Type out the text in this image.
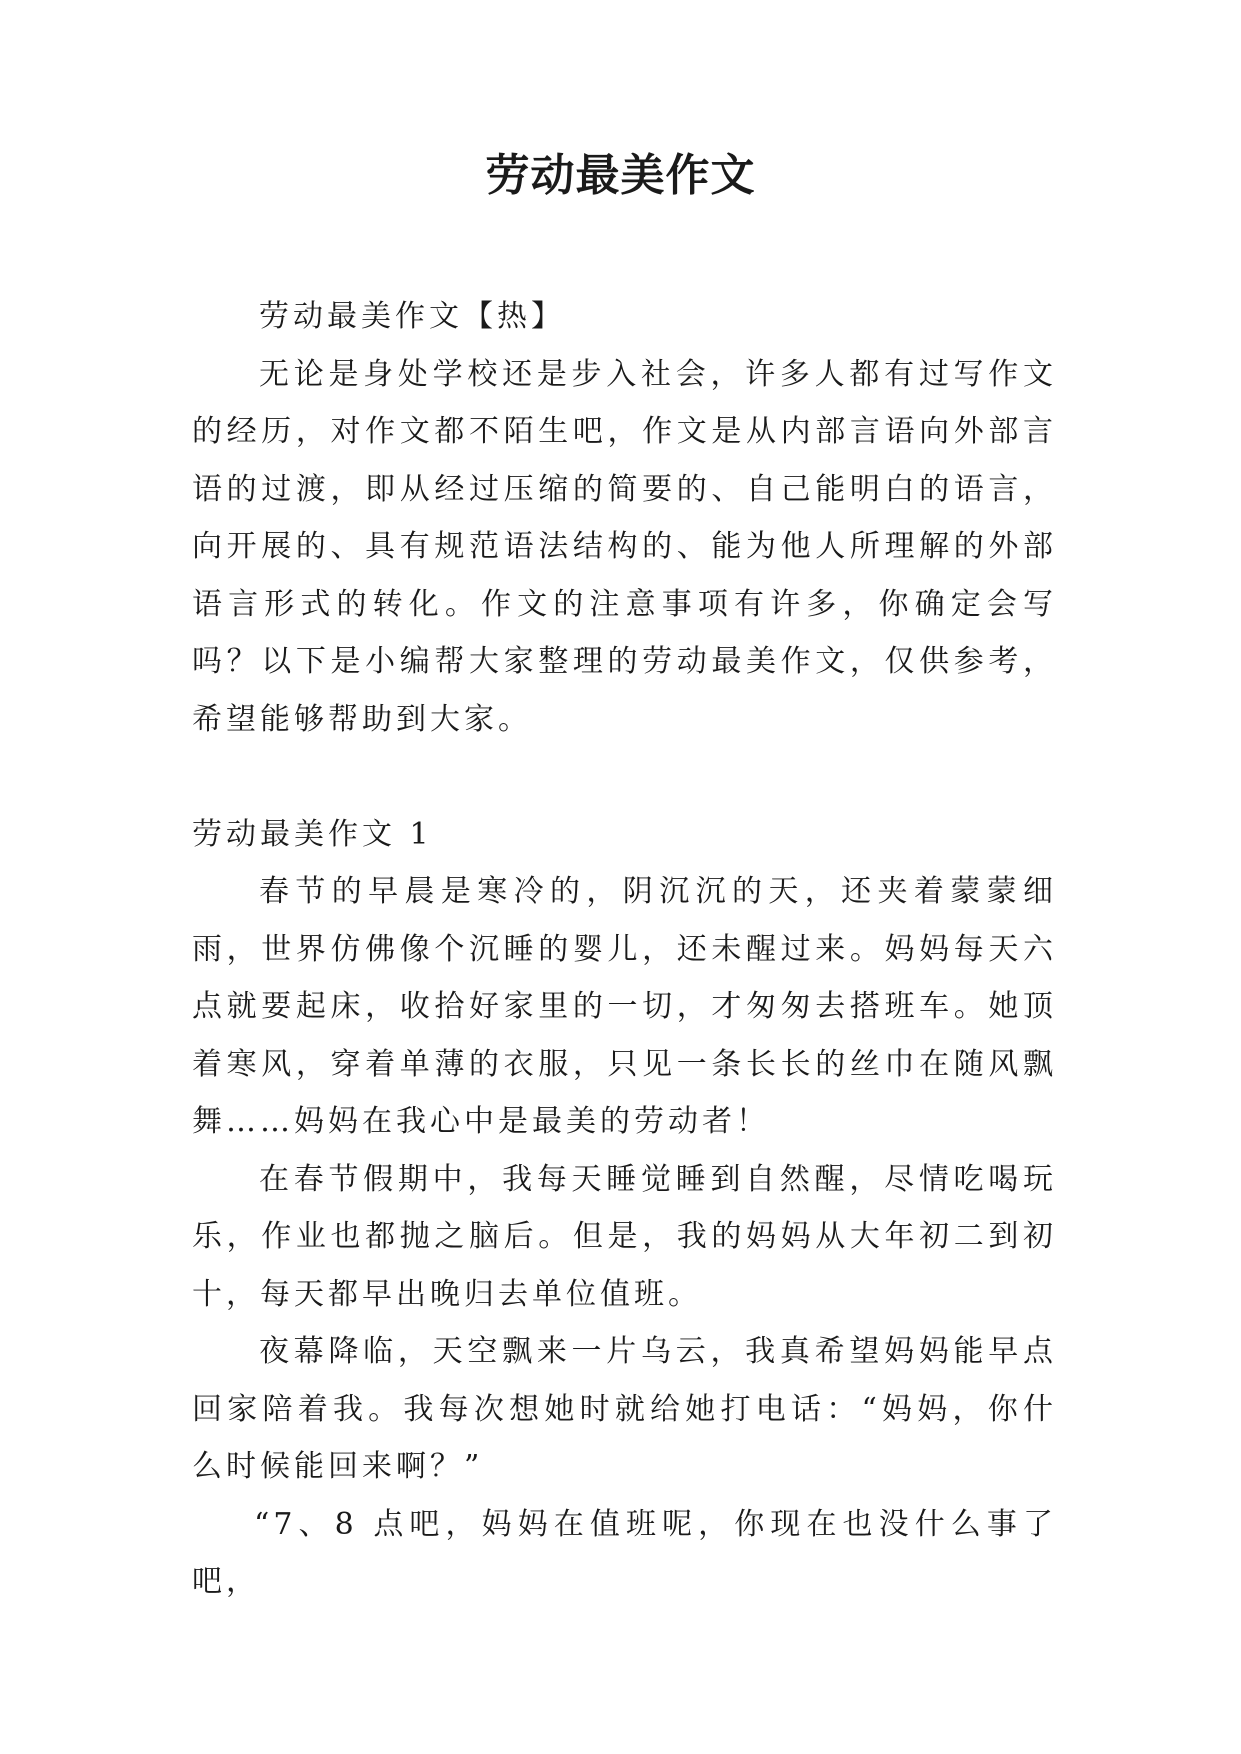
劳动最美作文

劳动最美作文【热】

无论是身处学校还是步入社会，许多人都有过写作文的经历，对作文都不陌生吧，作文是从内部言语向外部言语的过渡，即从经过压缩的简要的、自己能明白的语言，向开展的、具有规范语法结构的、能为他人所理解的外部语言形式的转化。作文的注意事项有许多，你确定会写吗？以下是小编帮大家整理的劳动最美作文，仅供参考，希望能够帮助到大家。

劳动最美作文 1

春节的早晨是寒冷的，阴沉沉的天，还夹着蒙蒙细雨，世界仿佛像个沉睡的婴儿，还未醒过来。妈妈每天六点就要起床，收拾好家里的一切，才匆匆去搭班车。她顶着寒风，穿着单薄的衣服，只见一条长长的丝巾在随风飘舞……妈妈在我心中是最美的劳动者！

在春节假期中，我每天睡觉睡到自然醒，尽情吃喝玩乐，作业也都抛之脑后。但是，我的妈妈从大年初二到初十，每天都早出晚归去单位值班。

夜幕降临，天空飘来一片乌云，我真希望妈妈能早点回家陪着我。我每次想她时就给她打电话：“妈妈，你什么时候能回来啊？”

“7、8 点吧，妈妈在值班呢，你现在也没什么事了吧，
